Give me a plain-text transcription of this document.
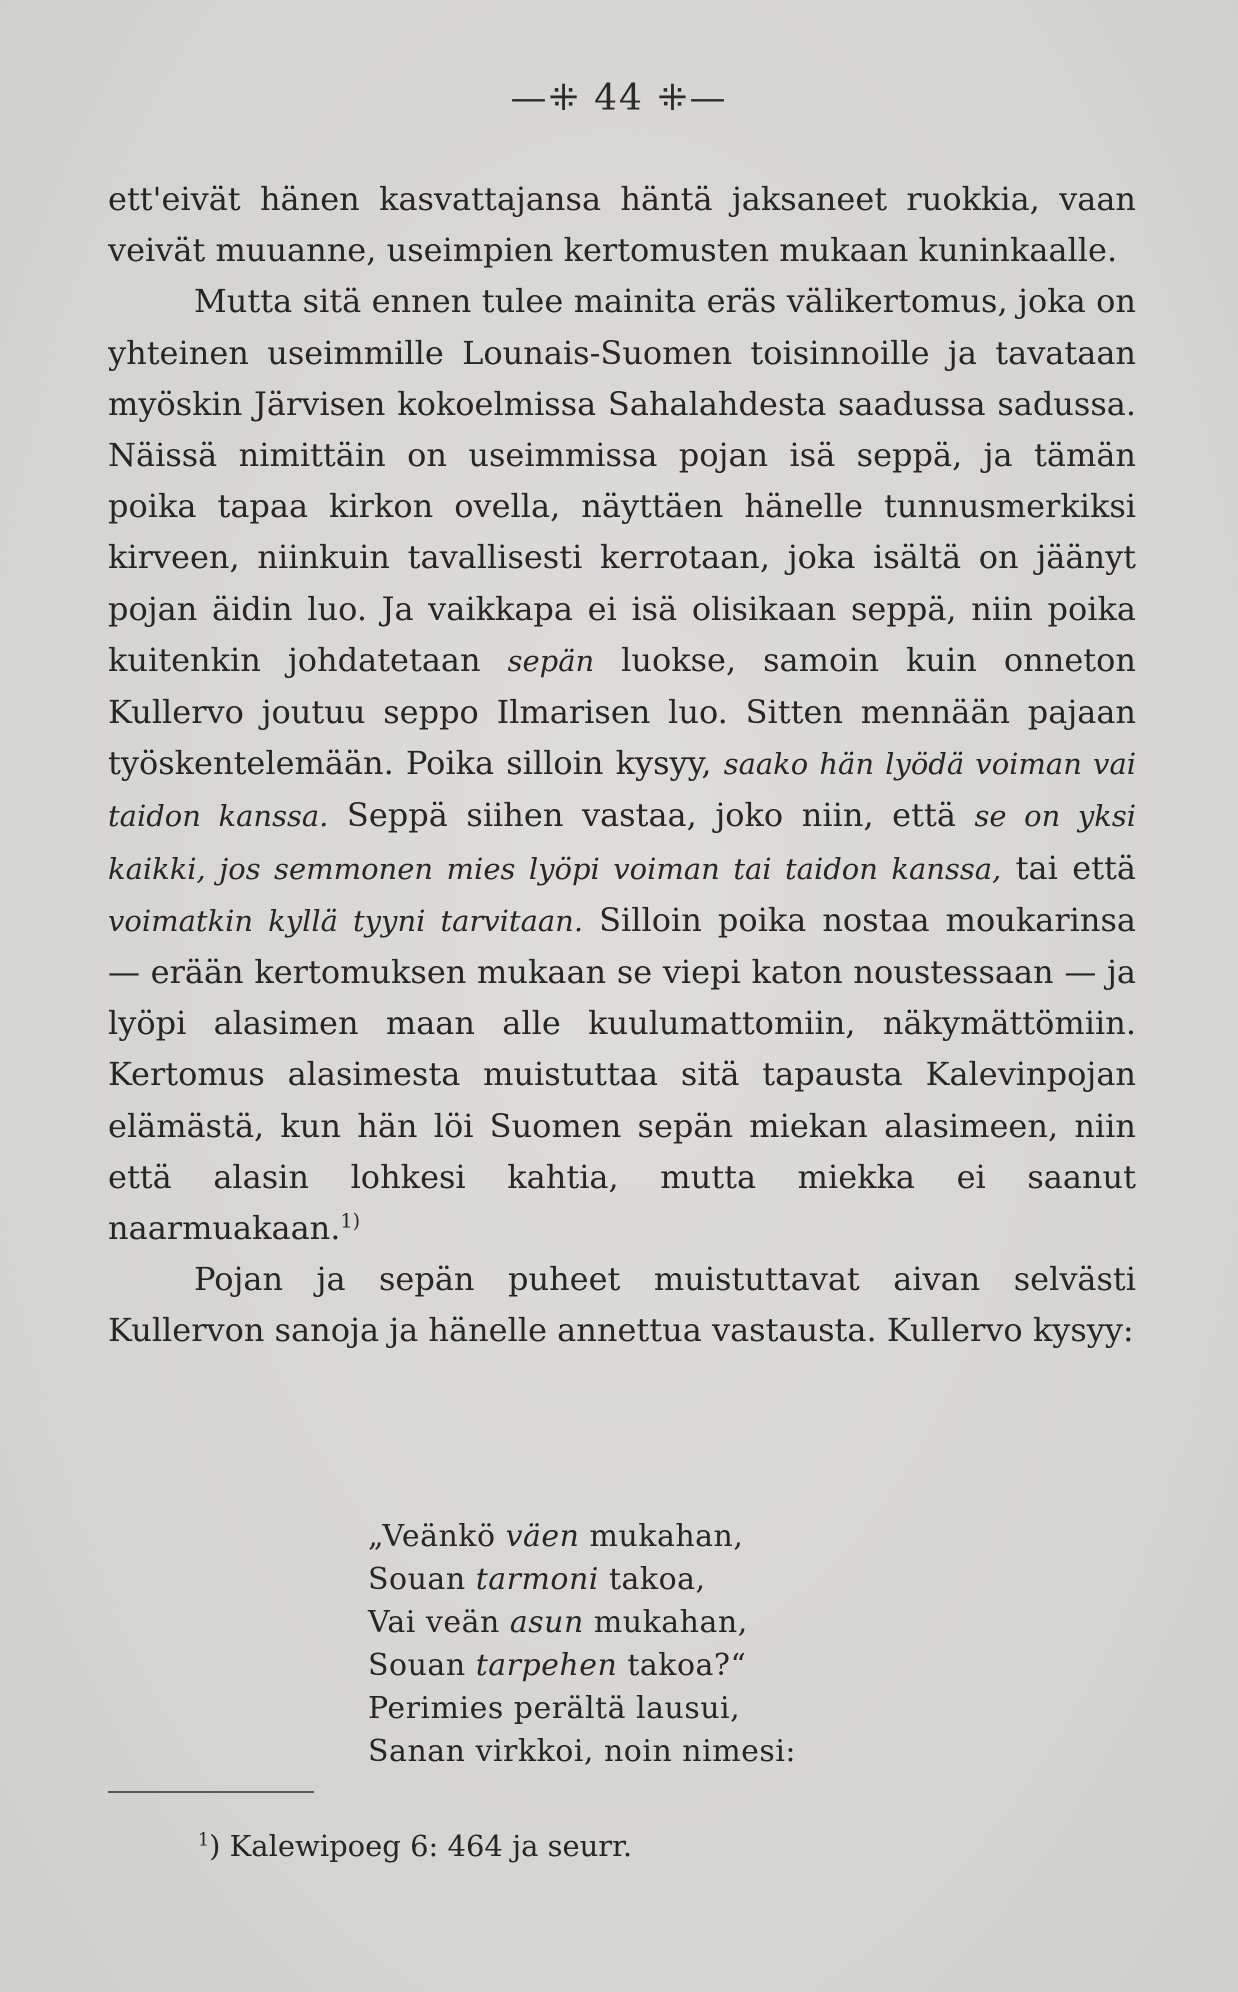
—⁜ 44 ⁜—

ett'eivät hänen kasvattajansa häntä jaksaneet ruokkia, vaan veivät muuanne, useimpien kertomusten mukaan kuninkaalle.

Mutta sitä ennen tulee mainita eräs välikertomus, joka on yhteinen useimmille Lounais-Suomen toisinnoille ja tavataan myöskin Järvisen kokoelmissa Sahalahdesta saadussa sadussa. Näissä nimittäin on useimmissa pojan isä seppä, ja tämän poika tapaa kirkon ovella, näyttäen hänelle tunnusmerkiksi kirveen, niinkuin tavallisesti kerrotaan, joka isältä on jäänyt pojan äidin luo. Ja vaikkapa ei isä olisikaan seppä, niin poika kuitenkin johdatetaan sepän luokse, samoin kuin onneton Kullervo joutuu seppo Ilmarisen luo. Sitten mennään pajaan työskentelemään. Poika silloin kysyy, saako hän lyödä voiman vai taidon kanssa. Seppä siihen vastaa, joko niin, että se on yksi kaikki, jos semmonen mies lyöpi voiman tai taidon kanssa, tai että voimatkin kyllä tyyni tarvitaan. Silloin poika nostaa moukarinsa — erään kertomuksen mukaan se viepi katon noustessaan — ja lyöpi alasimen maan alle kuulumattomiin, näkymättömiin. Kertomus alasimesta muistuttaa sitä tapausta Kalevinpojan elämästä, kun hän löi Suomen sepän miekan alasimeen, niin että alasin lohkesi kahtia, mutta miekka ei saanut naarmuakaan.$^{1)}$

Pojan ja sepän puheet muistuttavat aivan selvästi Kullervon sanoja ja hänelle annettua vastausta. Kullervo kysyy:

„Veänkö väen mukahan,
Souan tarmoni takoa,
Vai veän asun mukahan,
Souan tarpehen takoa?“
Perimies perältä lausui,
Sanan virkkoi, noin nimesi:
$^1$) Kalewipoeg 6: 464 ja seurr.
